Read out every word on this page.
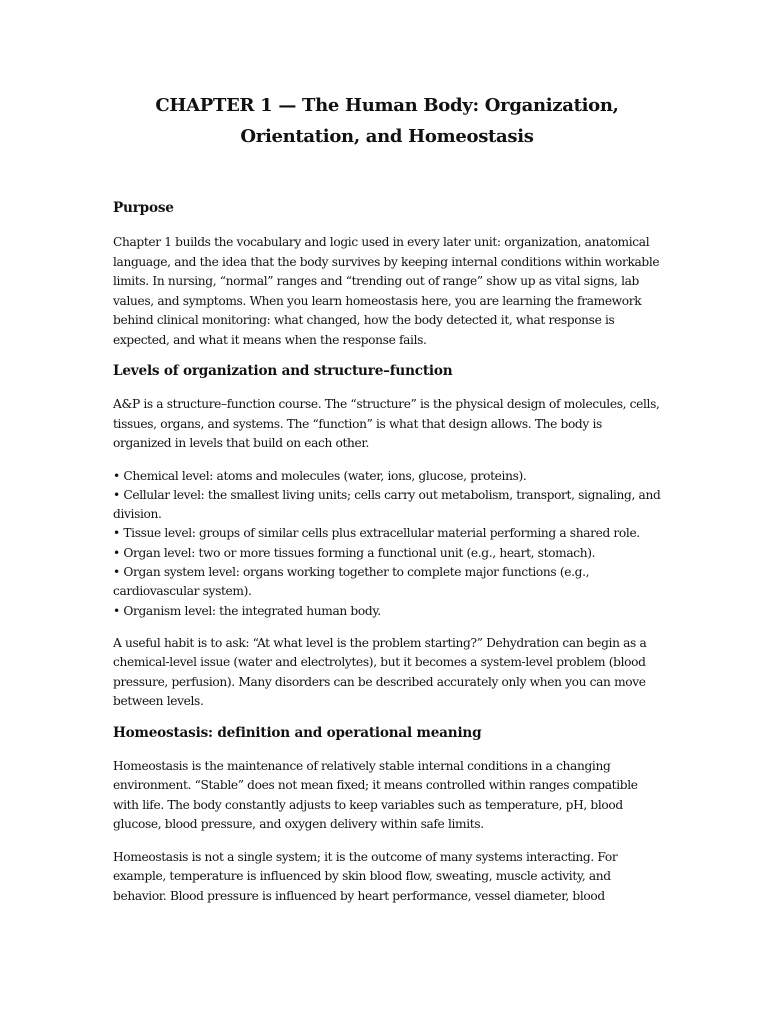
CHAPTER 1 — The Human Body: Organization, Orientation, and Homeostasis
Purpose

Chapter 1 builds the vocabulary and logic used in every later unit: organization, anatomical language, and the idea that the body survives by keeping internal conditions within workable limits. In nursing, “normal” ranges and “trending out of range” show up as vital signs, lab values, and symptoms. When you learn homeostasis here, you are learning the framework behind clinical monitoring: what changed, how the body detected it, what response is expected, and what it means when the response fails.

Levels of organization and structure–function

A&P is a structure–function course. The “structure” is the physical design of molecules, cells, tissues, organs, and systems. The “function” is what that design allows. The body is organized in levels that build on each other.

• Chemical level: atoms and molecules (water, ions, glucose, proteins).
• Cellular level: the smallest living units; cells carry out metabolism, transport, signaling, and division.
• Tissue level: groups of similar cells plus extracellular material performing a shared role.
• Organ level: two or more tissues forming a functional unit (e.g., heart, stomach).
• Organ system level: organs working together to complete major functions (e.g., cardiovascular system).
• Organism level: the integrated human body.

A useful habit is to ask: “At what level is the problem starting?” Dehydration can begin as a chemical-level issue (water and electrolytes), but it becomes a system-level problem (blood pressure, perfusion). Many disorders can be described accurately only when you can move between levels.

Homeostasis: definition and operational meaning

Homeostasis is the maintenance of relatively stable internal conditions in a changing environment. “Stable” does not mean fixed; it means controlled within ranges compatible with life. The body constantly adjusts to keep variables such as temperature, pH, blood glucose, blood pressure, and oxygen delivery within safe limits.

Homeostasis is not a single system; it is the outcome of many systems interacting. For example, temperature is influenced by skin blood flow, sweating, muscle activity, and behavior. Blood pressure is influenced by heart performance, vessel diameter, blood
